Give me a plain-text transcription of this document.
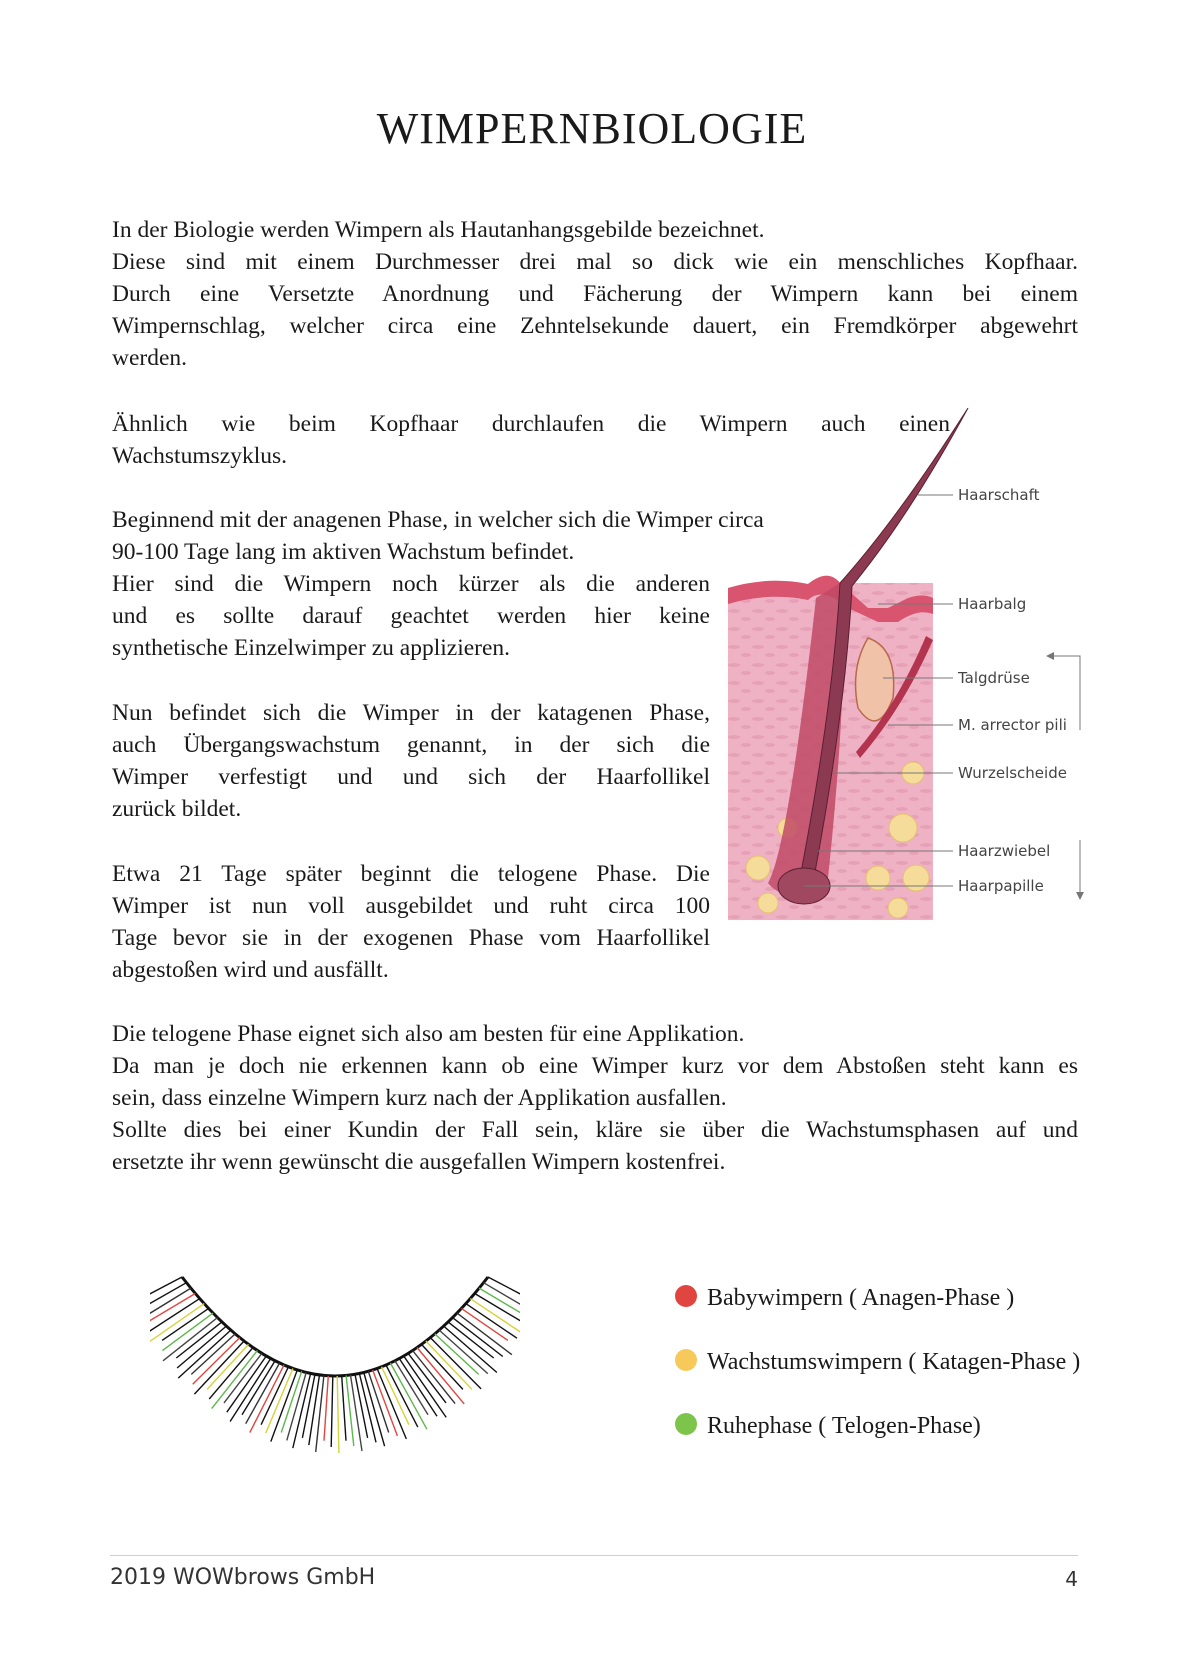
WIMPERNBIOLOGIE
In der Biologie werden Wimpern als Hautanhangsgebilde bezeichnet.
Diese sind mit einem Durchmesser drei mal so dick wie ein menschliches Kopfhaar.
Durch eine Versetzte Anordnung und Fächerung der Wimpern kann bei einem
Wimpernschlag, welcher circa eine Zehntelsekunde dauert, ein Fremdkörper abgewehrt
werden.
Ähnlich wie beim Kopfhaar durchlaufen die Wimpern auch einen
Wachstumszyklus.
Beginnend mit der anagenen Phase, in welcher sich die Wimper circa
90-100 Tage lang im aktiven Wachstum befindet.
Hier sind die Wimpern noch kürzer als die anderen
und es sollte darauf geachtet werden hier keine
synthetische Einzelwimper zu applizieren.
Nun befindet sich die Wimper in der katagenen Phase,
auch Übergangswachstum genannt, in der sich die
Wimper verfestigt und und sich der Haarfollikel
zurück bildet.
Etwa 21 Tage später beginnt die telogene Phase. Die
Wimper ist nun voll ausgebildet und ruht circa 100
Tage bevor sie in der exogenen Phase vom Haarfollikel
abgestoßen wird und ausfällt.
Die telogene Phase eignet sich also am besten für eine Applikation.
Da man je doch nie erkennen kann ob eine Wimper kurz vor dem Abstoßen steht kann es
sein, dass einzelne Wimpern kurz nach der Applikation ausfallen.
Sollte dies bei einer Kundin der Fall sein, kläre sie über die Wachstumsphasen auf und
ersetzte ihr wenn gewünscht die ausgefallen Wimpern kostenfrei.
Haarschaft
Haarbalg
Talgdrüse
M. arrector pili
Wurzelscheide
Haarzwiebel
Haarpapille
Babywimpern ( Anagen-Phase )
Wachstumswimpern ( Katagen-Phase )
Ruhephase ( Telogen-Phase)
2019 WOWbrows GmbH	4
